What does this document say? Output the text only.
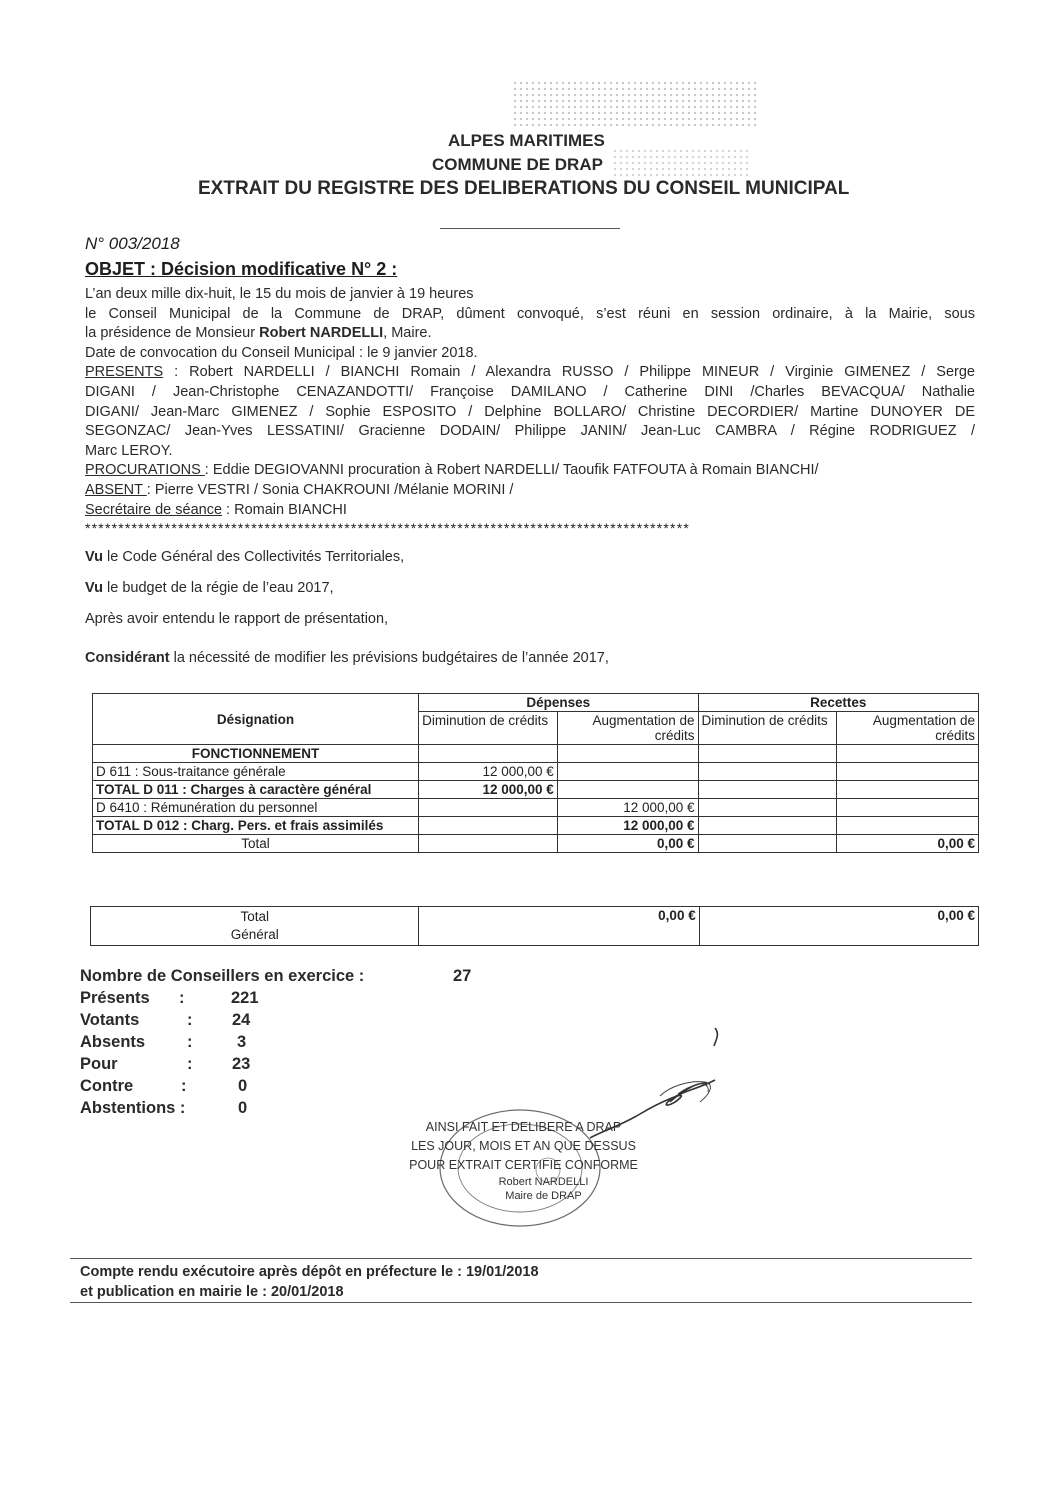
ALPES MARITIMES
COMMUNE DE DRAP
EXTRAIT DU REGISTRE DES DELIBERATIONS DU CONSEIL MUNICIPAL
N° 003/2018
OBJET : Décision modificative N° 2 :
L’an deux mille dix-huit, le 15 du mois de janvier à 19 heures
le Conseil Municipal de la Commune de DRAP, dûment convoqué, s’est réuni en session ordinaire, à la Mairie, sous
la présidence de Monsieur Robert NARDELLI, Maire.
Date de convocation du Conseil Municipal : le 9 janvier 2018.
PRESENTS : Robert NARDELLI / BIANCHI Romain / Alexandra RUSSO / Philippe MINEUR / Virginie GIMENEZ / Serge
DIGANI / Jean-Christophe CENAZANDOTTI/ Françoise DAMILANO / Catherine DINI /Charles BEVACQUA/ Nathalie
DIGANI/ Jean-Marc GIMENEZ / Sophie ESPOSITO / Delphine BOLLARO/ Christine DECORDIER/ Martine DUNOYER DE
SEGONZAC/ Jean-Yves LESSATINI/ Gracienne DODAIN/ Philippe JANIN/ Jean-Luc CAMBRA / Régine RODRIGUEZ /
Marc LEROY.
PROCURATIONS : Eddie DEGIOVANNI procuration à Robert NARDELLI/ Taoufik FATFOUTA à Romain BIANCHI/
ABSENT : Pierre VESTRI / Sonia CHAKROUNI /Mélanie MORINI /
Secrétaire de séance : Romain BIANCHI
*******************************************************************************************
Vu le Code Général des Collectivités Territoriales,
Vu le budget de la régie de l’eau 2017,
Après avoir entendu le rapport de présentation,
Considérant la nécessité de modifier les prévisions budgétaires de l’année 2017,
Désignation	Dépenses		Recettes	
	Diminution de crédits	Augmentation de crédits	Diminution de crédits	Augmentation de crédits
FONCTIONNEMENT				
D 611 : Sous-traitance générale	12 000,00 €			
TOTAL D 011 : Charges à caractère général	12 000,00 €			
D 6410 : Rémunération du personnel		12 000,00 €		
TOTAL D 012 : Charg. Pers. et frais assimilés		12 000,00 €		
Total		0,00 €		0,00 €
Total
Général
	0,00 €	0,00 €
Nombre de Conseillers en exercice :	27
Présents :	221
Votants	: 24
Absents	:	3
Pour	: 23
Contre	:	0
Abstentions :	0
AINSI FAIT ET DELIBERE A DRAP
LES JOUR, MOIS ET AN QUE DESSUS
POUR EXTRAIT CERTIFIE CONFORME
Robert NARDELLI
Maire de DRAP
Compte rendu exécutoire après dépôt en préfecture le : 19/01/2018
et publication en mairie le : 20/01/2018
